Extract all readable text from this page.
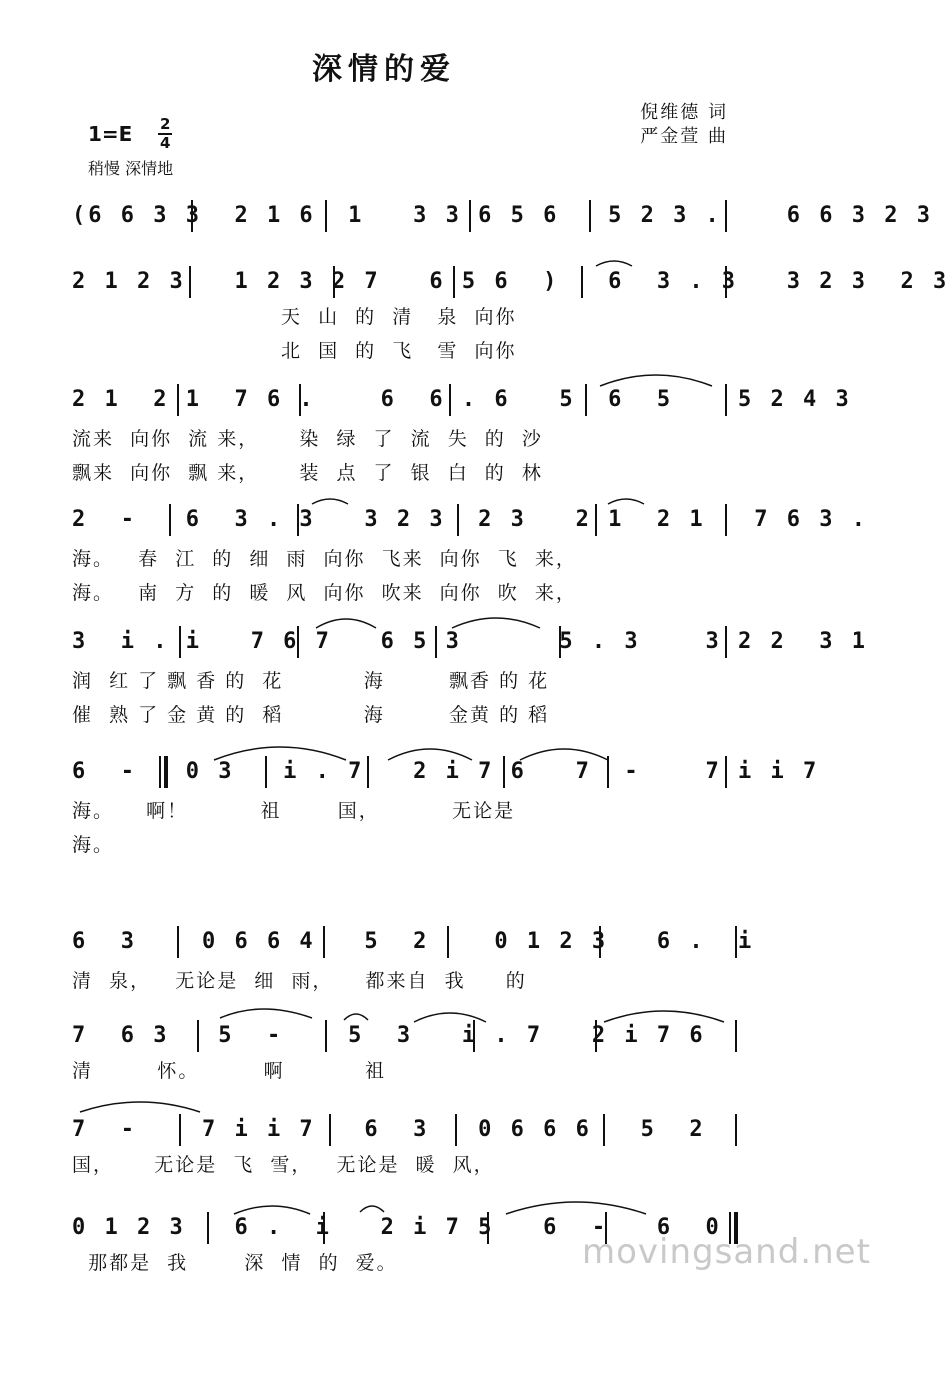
深情的爱
倪维德 词
严金萱 曲
$1=E \frac{2}{4}$
稍慢 深情地
(6 6 3 3  2 1 6  1   3 3 6 5 6   5 2 3 .    6 6 3 2 3
2 1 2 3   1 2 3 2 7   6 5 6  )   6  3 . 3   3 2 3  2 3
天  山  的  清   泉  向你
北  国  的  飞   雪  向你
2 1  2 1  7 6 .    6  6 . 6   5  6  5    5 2 4 3
流来  向你  流 来，     染  绿  了  流  失  的  沙
飘来  向你  飘 来，     装  点  了  银  白  的  林
2  -   6  3 . 3   3 2 3  2 3   2 1  2 1   7 6 3 .
海。   春  江  的  细  雨  向你  飞来  向你  飞  来，
海。   南  方  的  暖  风  向你  吹来  向你  吹  来，
3  i . i   7 6 7   6 5 3      5 . 3    3 2 2  3 1
润  红 了 飘 香 的  花          海        飘香 的 花
催  熟 了 金 黄 的  稻          海        金黄 的 稻
6  -   0 3   i . 7   2 i 7 6   7  -    7 i i 7
海。    啊！         祖       国，         无论是
海。
6  3    0 6 6 4   5  2    0 1 2 3   6 .  i
清  泉，   无论是  细  雨，    都来自  我     的
7  6 3   5  -    5  3   i . 7   2 i 7 6
清        怀。        啊          祖
7  -    7 i i 7   6  3   0 6 6 6   5  2
国，     无论是  飞  雪，   无论是  暖  风，
0 1 2 3   6 .  i   2 i 7 5   6  -   6  0
那都是  我       深  情  的  爱。	movingsand.net
